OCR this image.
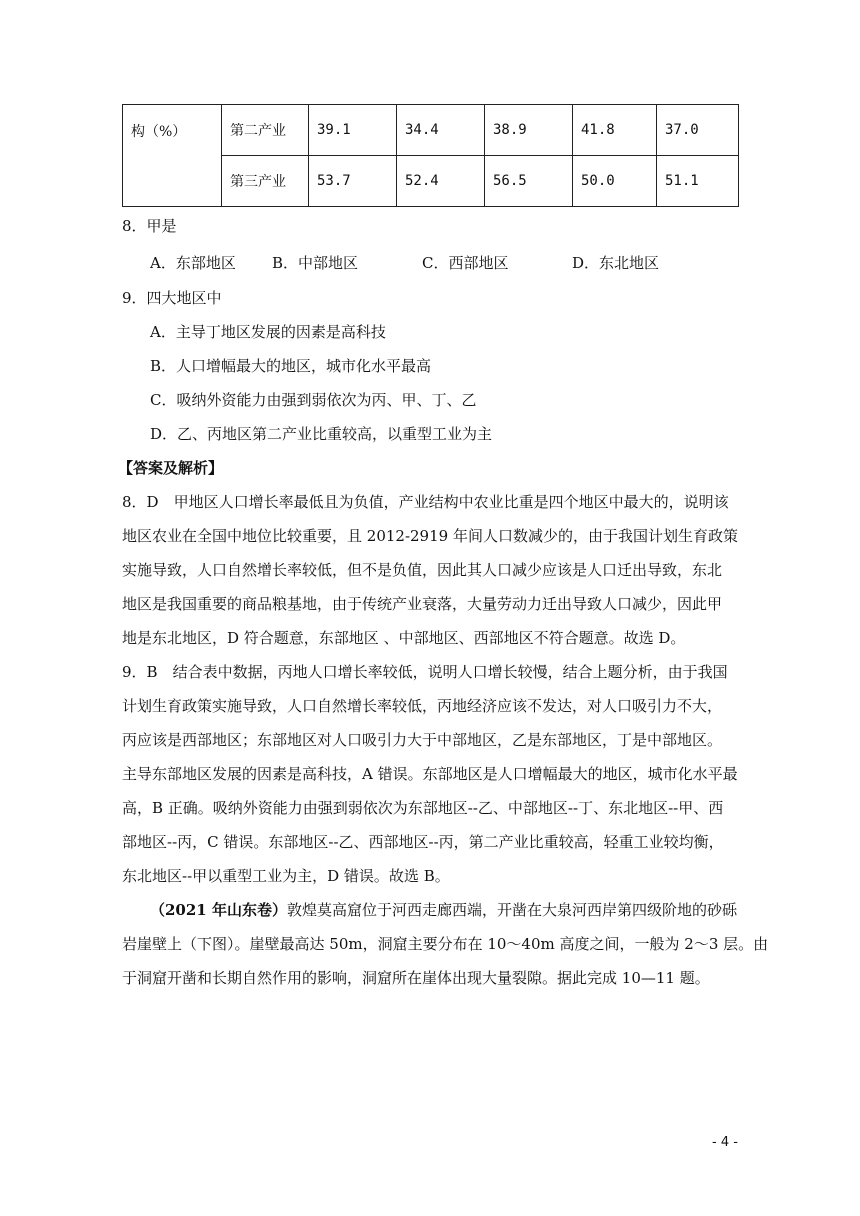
构（%）	第二产业	39.1	34.4	38.9	41.8	37.0
	第三产业	53.7	52.4	56.5	50.0	51.1
8．甲是
A．东部地区 B．中部地区	C．西部地区	D．东北地区
9．四大地区中
A．主导丁地区发展的因素是高科技
B．人口增幅最大的地区，城市化水平最高
C．吸纳外资能力由强到弱依次为丙、甲、丁、乙
D．乙、丙地区第二产业比重较高，以重型工业为主
【答案及解析】
8．D　甲地区人口增长率最低且为负值，产业结构中农业比重是四个地区中最大的，说明该
地区农业在全国中地位比较重要，且 2012-2919 年间人口数减少的，由于我国计划生育政策
实施导致，人口自然增长率较低，但不是负值，因此其人口减少应该是人口迁出导致，东北
地区是我国重要的商品粮基地，由于传统产业衰落，大量劳动力迁出导致人口减少，因此甲
地是东北地区，D 符合题意，东部地区 、中部地区、西部地区不符合题意。故选 D。
9．B　结合表中数据，丙地人口增长率较低，说明人口增长较慢，结合上题分析，由于我国
计划生育政策实施导致，人口自然增长率较低，丙地经济应该不发达，对人口吸引力不大，
丙应该是西部地区；东部地区对人口吸引力大于中部地区，乙是东部地区，丁是中部地区。
主导东部地区发展的因素是高科技，A 错误。东部地区是人口增幅最大的地区，城市化水平最
高，B 正确。吸纳外资能力由强到弱依次为东部地区--乙、中部地区--丁、东北地区--甲、西
部地区--丙，C 错误。东部地区--乙、西部地区--丙，第二产业比重较高，轻重工业较均衡，
东北地区--甲以重型工业为主，D 错误。故选 B。
（2021 年山东卷）敦煌莫高窟位于河西走廊西端，开凿在大泉河西岸第四级阶地的砂砾
岩崖壁上（下图）。崖壁最高达 50m，洞窟主要分布在 10～40m 高度之间，一般为 2～3 层。由
于洞窟开凿和长期自然作用的影响，洞窟所在崖体出现大量裂隙。据此完成 10—11 题。
- 4 -
